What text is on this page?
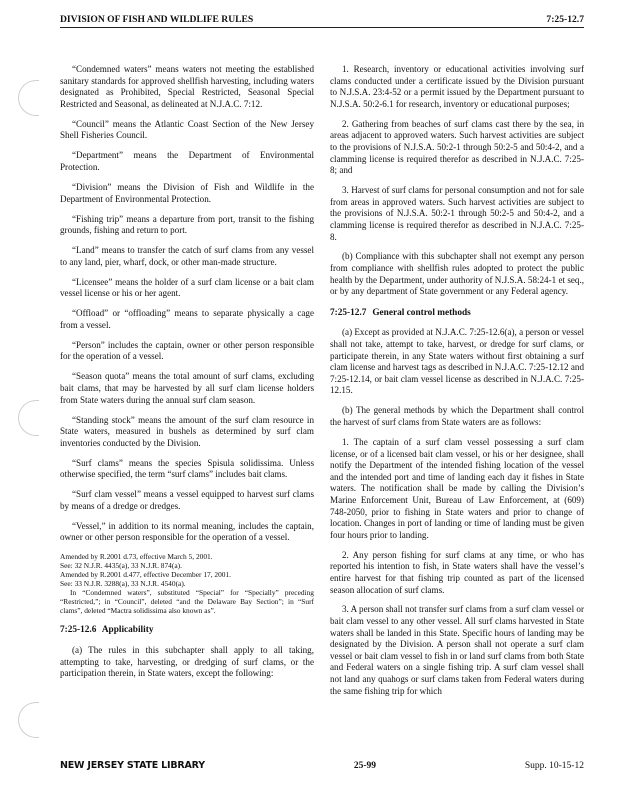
DIVISION OF FISH AND WILDLIFE RULES	7:25-12.7

“Condemned waters” means waters not meeting the established sanitary standards for approved shellfish harvesting, including waters designated as Prohibited, Special Restricted, Seasonal Special Restricted and Seasonal, as delineated at N.J.A.C. 7:12.

“Council” means the Atlantic Coast Section of the New Jersey Shell Fisheries Council.

“Department” means the Department of Environmental Protection.

“Division” means the Division of Fish and Wildlife in the Department of Environmental Protection.

“Fishing trip” means a departure from port, transit to the fishing grounds, fishing and return to port.

“Land” means to transfer the catch of surf clams from any vessel to any land, pier, wharf, dock, or other man-made structure.

“Licensee” means the holder of a surf clam license or a bait clam vessel license or his or her agent.

“Offload” or “offloading” means to separate physically a cage from a vessel.

“Person” includes the captain, owner or other person responsible for the operation of a vessel.

“Season quota” means the total amount of surf clams, excluding bait clams, that may be harvested by all surf clam license holders from State waters during the annual surf clam season.

“Standing stock” means the amount of the surf clam resource in State waters, measured in bushels as determined by surf clam inventories conducted by the Division.

“Surf clams” means the species Spisula solidissima. Unless otherwise specified, the term “surf clams” includes bait clams.

“Surf clam vessel” means a vessel equipped to harvest surf clams by means of a dredge or dredges.

“Vessel,” in addition to its normal meaning, includes the captain, owner or other person responsible for the operation of a vessel.

Amended by R.2001 d.73, effective March 5, 2001.
See: 32 N.J.R. 4435(a), 33 N.J.R. 874(a).
Amended by R.2001 d.477, effective December 17, 2001.
See: 33 N.J.R. 3288(a), 33 N.J.R. 4540(a).
In “Condemned waters”, substituted “Special” for “Specially” preceding “Restricted,”; in “Council”, deleted “and the Delaware Bay Section”; in “Surf clams”, deleted “Mactra solidissima also known as”.
7:25-12.6 Applicability

(a) The rules in this subchapter shall apply to all taking, attempting to take, harvesting, or dredging of surf clams, or the participation therein, in State waters, except the following:

1. Research, inventory or educational activities involving surf clams conducted under a certificate issued by the Division pursuant to N.J.S.A. 23:4-52 or a permit issued by the Department pursuant to N.J.S.A. 50:2-6.1 for research, inventory or educational purposes;

2. Gathering from beaches of surf clams cast there by the sea, in areas adjacent to approved waters. Such harvest activities are subject to the provisions of N.J.S.A. 50:2-1 through 50:2-5 and 50:4-2, and a clamming license is required therefor as described in N.J.A.C. 7:25-8; and

3. Harvest of surf clams for personal consumption and not for sale from areas in approved waters. Such harvest activities are subject to the provisions of N.J.S.A. 50:2-1 through 50:2-5 and 50:4-2, and a clamming license is required therefor as described in N.J.A.C. 7:25-8.

(b) Compliance with this subchapter shall not exempt any person from compliance with shellfish rules adopted to protect the public health by the Department, under authority of N.J.S.A. 58:24-1 et seq., or by any department of State government or any Federal agency.

7:25-12.7 General control methods

(a) Except as provided at N.J.A.C. 7:25-12.6(a), a person or vessel shall not take, attempt to take, harvest, or dredge for surf clams, or participate therein, in any State waters without first obtaining a surf clam license and harvest tags as described in N.J.A.C. 7:25-12.12 and 7:25-12.14, or bait clam vessel license as described in N.J.A.C. 7:25-12.15.

(b) The general methods by which the Department shall control the harvest of surf clams from State waters are as follows:

1. The captain of a surf clam vessel possessing a surf clam license, or of a licensed bait clam vessel, or his or her designee, shall notify the Department of the intended fishing location of the vessel and the intended port and time of landing each day it fishes in State waters. The notification shall be made by calling the Division’s Marine Enforcement Unit, Bureau of Law Enforcement, at (609) 748-2050, prior to fishing in State waters and prior to change of location. Changes in port of landing or time of landing must be given four hours prior to landing.

2. Any person fishing for surf clams at any time, or who has reported his intention to fish, in State waters shall have the vessel’s entire harvest for that fishing trip counted as part of the licensed season allocation of surf clams.

3. A person shall not transfer surf clams from a surf clam vessel or bait clam vessel to any other vessel. All surf clams harvested in State waters shall be landed in this State. Specific hours of landing may be designated by the Division. A person shall not operate a surf clam vessel or bait clam vessel to fish in or land surf clams from both State and Federal waters on a single fishing trip. A surf clam vessel shall not land any quahogs or surf clams taken from Federal waters during the same fishing trip for which

NEW JERSEY STATE LIBRARY	25-99	Supp. 10-15-12
